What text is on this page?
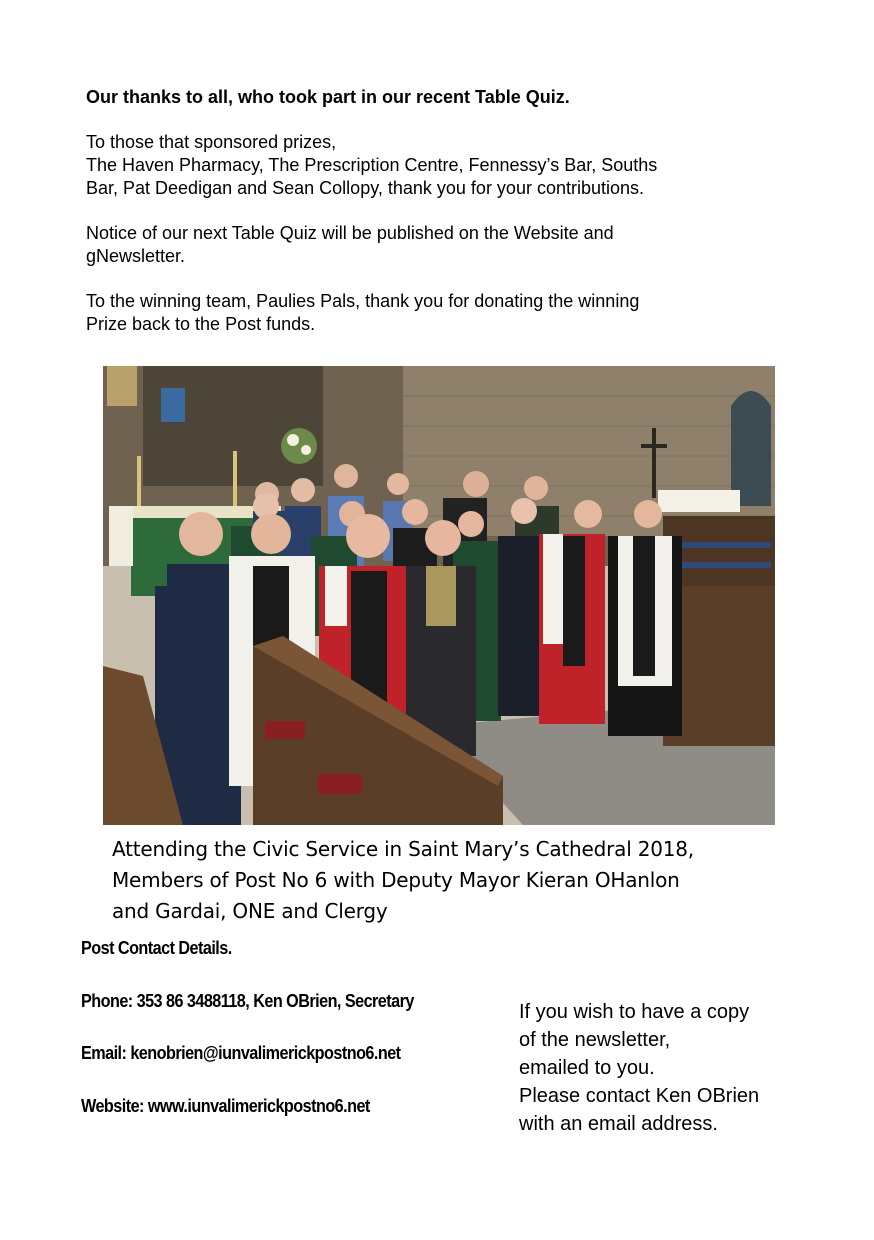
Our thanks to all, who took part in our recent Table Quiz.

To those that sponsored prizes,

The Haven Pharmacy, The Prescription Centre, Fennessy’s Bar, Souths

Bar, Pat Deedigan and Sean Collopy, thank you for your contributions.

Notice of our next Table Quiz will be published on the Website and

gNewsletter.

To the winning team, Paulies Pals, thank you for donating the winning

Prize back to the Post funds.

Attending the Civic Service in Saint Mary’s Cathedral 2018,
Members of Post No 6 with Deputy Mayor Kieran OHanlon
and Gardai, ONE and Clergy
Post Contact Details.
Phone: 353 86 3488118, Ken OBrien, Secretary
Email: kenobrien@iunvalimerickpostno6.net
Website: www.iunvalimerickpostno6.net
If you wish to have a copy
of the newsletter,
emailed to you.
Please contact Ken OBrien
with an email address.
